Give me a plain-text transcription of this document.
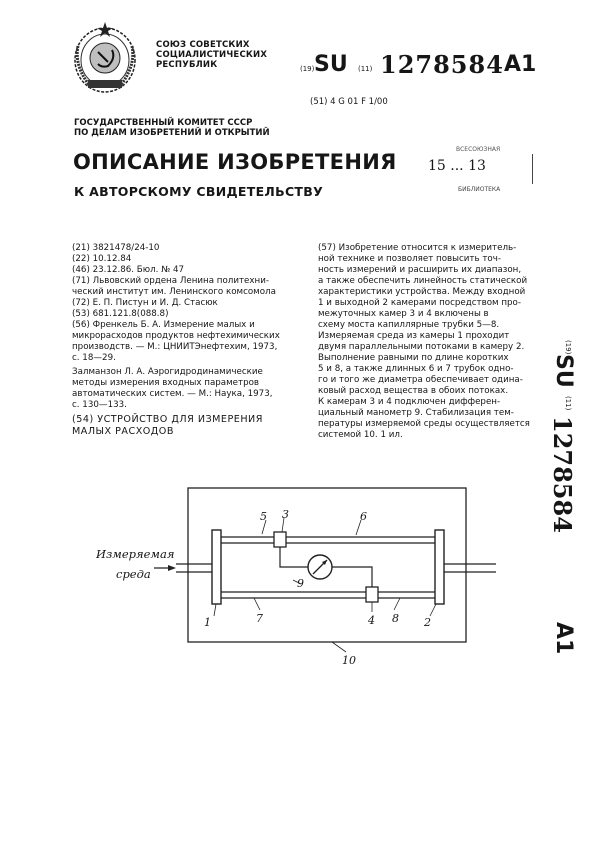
СОЮЗ СОВЕТСКИХ
СОЦИАЛИСТИЧЕСКИХ
РЕСПУБЛИК	(19) SU (11) 1278584 A1
(51) 4 G 01 F 1/00
ГОСУДАРСТВЕННЫЙ КОМИТЕТ СССР
ПО ДЕЛАМ ИЗОБРЕТЕНИЙ И ОТКРЫТИЙ
ОПИСАНИЕ ИЗОБРЕТЕНИЯ
К АВТОРСКОМУ СВИДЕТЕЛЬСТВУ
ВСЕСОЮЗНАЯ
15 ... 13
БИБЛИОТЕКА
(21) 3821478/24-10
(22) 10.12.84
(46) 23.12.86. Бюл. № 47
(71) Львовский ордена Ленина политехни-
ческий институт им. Ленинского комсомола
(72) Е. П. Пистун и И. Д. Стасюк
(53) 681.121.8(088.8)
(56) Френкель Б. А. Измерение малых и
микрорасходов продуктов нефтехимических
производств. — М.: ЦНИИТЭнефтехим, 1973,
с. 18—29.
Залманзон Л. А. Аэрогидродинамические
методы измерения входных параметров
автоматических систем. — М.: Наука, 1973,
с. 130—133.
(54) УСТРОЙСТВО ДЛЯ ИЗМЕРЕНИЯ
МАЛЫХ РАСХОДОВ
(57) Изобретение относится к измеритель-
ной технике и позволяет повысить точ-
ность измерений и расширить их диапазон,
а также обеспечить линейность статической
характеристики устройства. Между входной
1 и выходной 2 камерами посредством про-
межуточных камер 3 и 4 включены в
схему моста капиллярные трубки 5—8.
Измеряемая среда из камеры 1 проходит
двумя параллельными потоками в камеру 2.
Выполнение равными по длине коротких
5 и 8, а также длинных 6 и 7 трубок одно-
го и того же диаметра обеспечивает одина-
ковый расход вещества в обоих потоках.
К камерам 3 и 4 подключен дифферен-
циальный манометр 9. Стабилизация тем-
пературы измеряемой среды осуществляется
системой 10. 1 ил.
(19)
SU
(11)
1278584
A1
Измеряемая
среда
5 3	6
9
7	4 8
1	2
10
